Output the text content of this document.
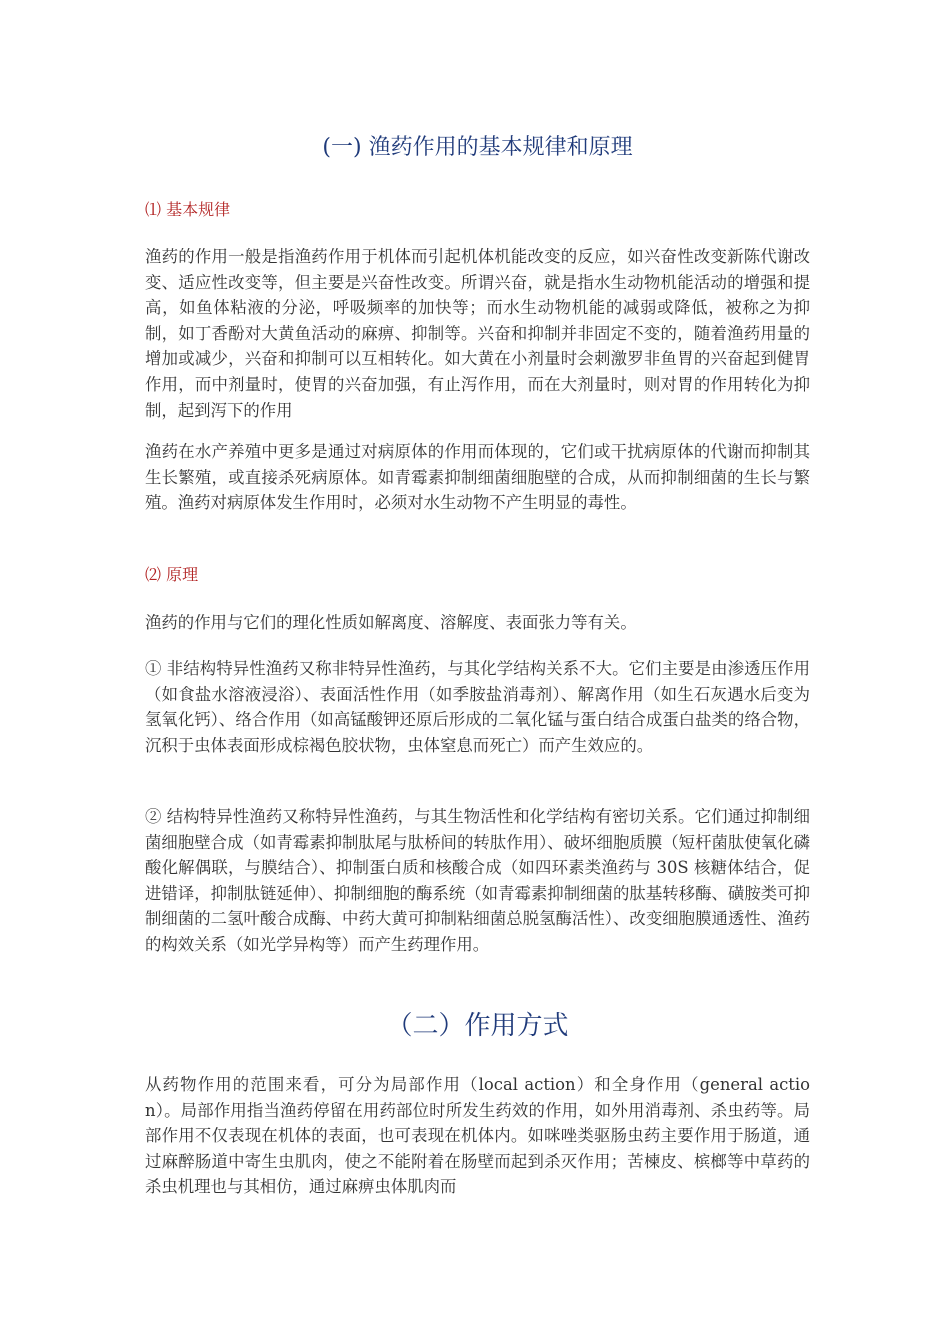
(一) 渔药作用的基本规律和原理
⑴ 基本规律

渔药的作用一般是指渔药作用于机体而引起机体机能改变的反应，如兴奋性改变新陈代谢改变、适应性改变等，但主要是兴奋性改变。所谓兴奋，就是指水生动物机能活动的增强和提高，如鱼体粘液的分泌，呼吸频率的加快等；而水生动物机能的减弱或降低，被称之为抑制，如丁香酚对大黄鱼活动的麻痹、抑制等。兴奋和抑制并非固定不变的，随着渔药用量的增加或减少，兴奋和抑制可以互相转化。如大黄在小剂量时会刺激罗非鱼胃的兴奋起到健胃作用，而中剂量时，使胃的兴奋加强，有止泻作用，而在大剂量时，则对胃的作用转化为抑制，起到泻下的作用

渔药在水产养殖中更多是通过对病原体的作用而体现的，它们或干扰病原体的代谢而抑制其生长繁殖，或直接杀死病原体。如青霉素抑制细菌细胞壁的合成，从而抑制细菌的生长与繁殖。渔药对病原体发生作用时，必须对水生动物不产生明显的毒性。

⑵ 原理

渔药的作用与它们的理化性质如解离度、溶解度、表面张力等有关。

① 非结构特异性渔药又称非特异性渔药，与其化学结构关系不大。它们主要是由渗透压作用（如食盐水溶液浸浴）、表面活性作用（如季胺盐消毒剂）、解离作用（如生石灰遇水后变为氢氧化钙）、络合作用（如高锰酸钾还原后形成的二氧化锰与蛋白结合成蛋白盐类的络合物，沉积于虫体表面形成棕褐色胶状物，虫体窒息而死亡）而产生效应的。

② 结构特异性渔药又称特异性渔药，与其生物活性和化学结构有密切关系。它们通过抑制细菌细胞壁合成（如青霉素抑制肽尾与肽桥间的转肽作用）、破坏细胞质膜（短杆菌肽使氧化磷酸化解偶联，与膜结合）、抑制蛋白质和核酸合成（如四环素类渔药与 30S 核糖体结合，促进错译，抑制肽链延伸）、抑制细胞的酶系统（如青霉素抑制细菌的肽基转移酶、磺胺类可抑制细菌的二氢叶酸合成酶、中药大黄可抑制粘细菌总脱氢酶活性）、改变细胞膜通透性、渔药的构效关系（如光学异构等）而产生药理作用。

（二）作用方式

从药物作用的范围来看，可分为局部作用（local action）和全身作用（general action）。局部作用指当渔药停留在用药部位时所发生药效的作用，如外用消毒剂、杀虫药等。局部作用不仅表现在机体的表面，也可表现在机体内。如咪唑类驱肠虫药主要作用于肠道，通过麻醉肠道中寄生虫肌肉，使之不能附着在肠壁而起到杀灭作用；苦楝皮、槟榔等中草药的杀虫机理也与其相仿，通过麻痹虫体肌肉而
